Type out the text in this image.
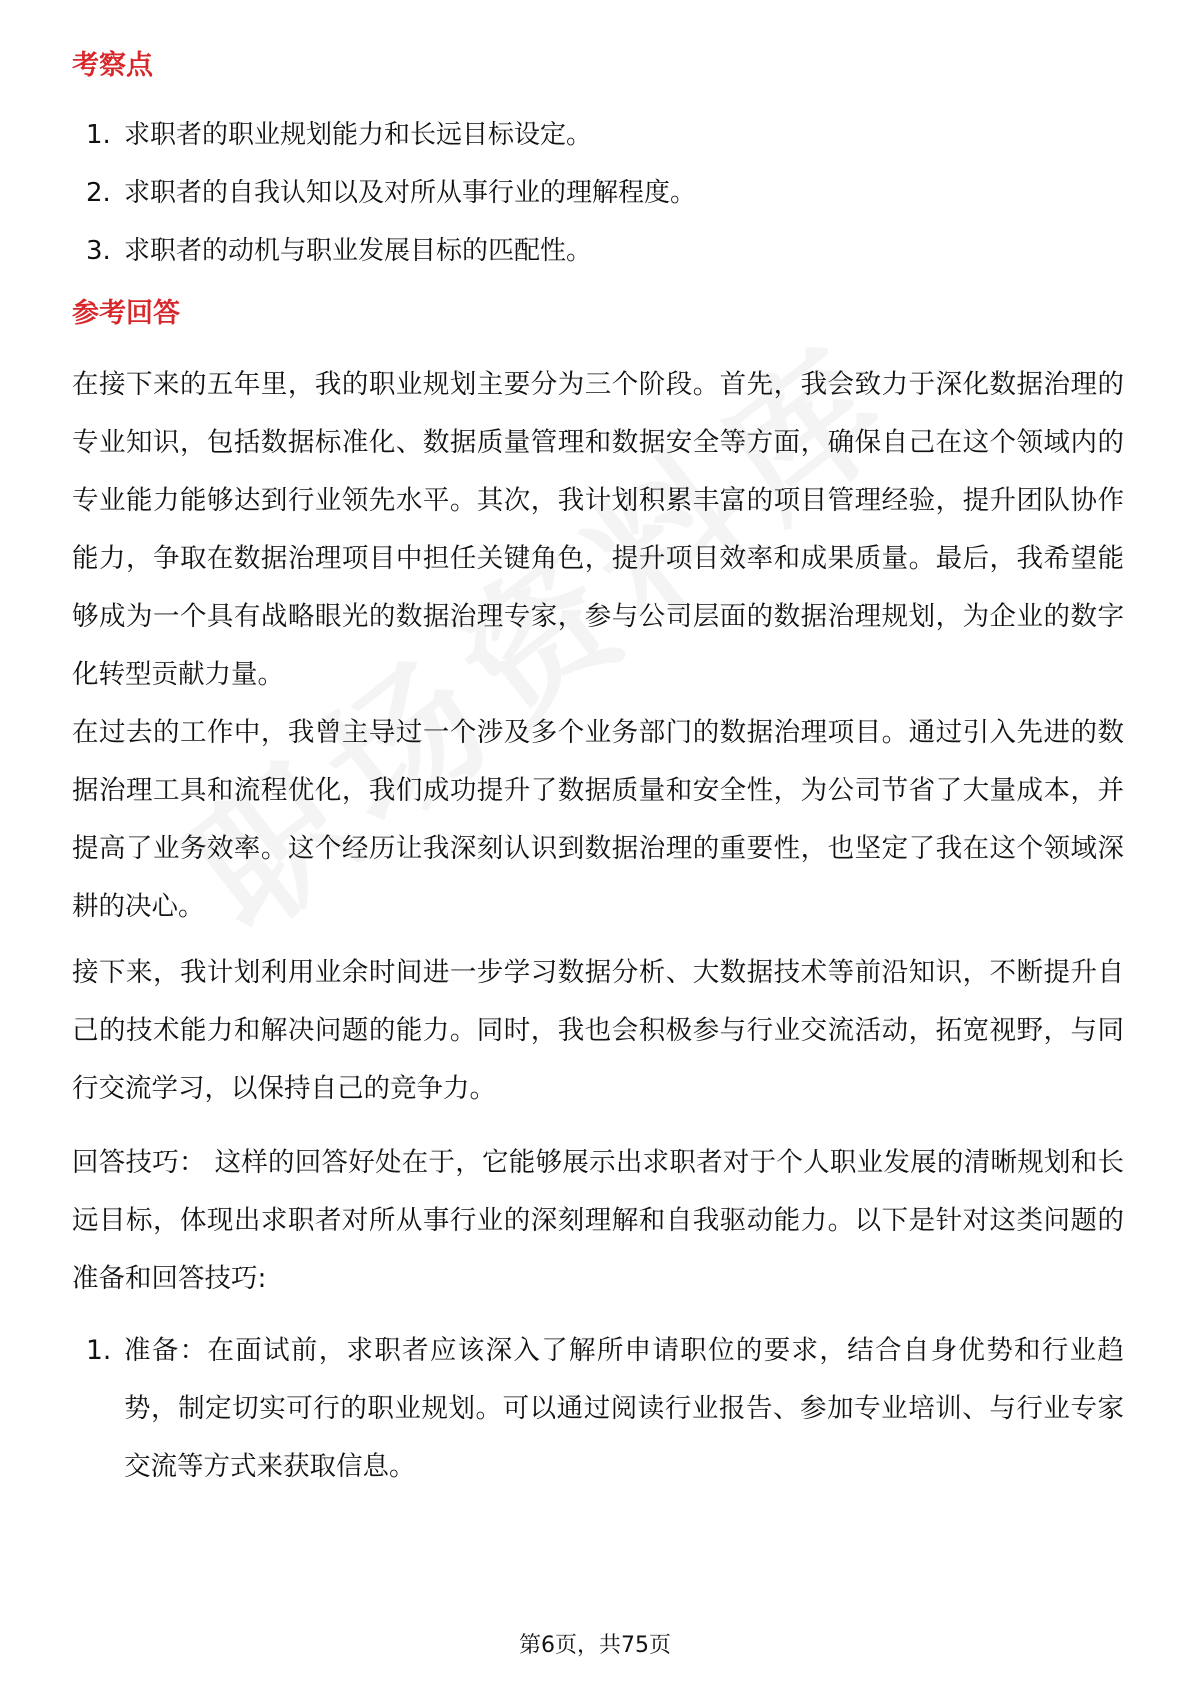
考察点
1. 求职者的职业规划能力和长远目标设定。
2. 求职者的自我认知以及对所从事行业的理解程度。
3. 求职者的动机与职业发展目标的匹配性。
参考回答

在接下来的五年里，我的职业规划主要分为三个阶段。首先，我会致力于深化数据治理的专业知识，包括数据标准化、数据质量管理和数据安全等方面，确保自己在这个领域内的专业能力能够达到行业领先水平。其次，我计划积累丰富的项目管理经验，提升团队协作能力，争取在数据治理项目中担任关键角色，提升项目效率和成果质量。最后，我希望能够成为一个具有战略眼光的数据治理专家，参与公司层面的数据治理规划，为企业的数字化转型贡献力量。

在过去的工作中，我曾主导过一个涉及多个业务部门的数据治理项目。通过引入先进的数据治理工具和流程优化，我们成功提升了数据质量和安全性，为公司节省了大量成本，并提高了业务效率。这个经历让我深刻认识到数据治理的重要性，也坚定了我在这个领域深耕的决心。

接下来，我计划利用业余时间进一步学习数据分析、大数据技术等前沿知识，不断提升自己的技术能力和解决问题的能力。同时，我也会积极参与行业交流活动，拓宽视野，与同行交流学习，以保持自己的竞争力。

回答技巧： 这样的回答好处在于，它能够展示出求职者对于个人职业发展的清晰规划和长远目标，体现出求职者对所从事行业的深刻理解和自我驱动能力。以下是针对这类问题的准备和回答技巧:

1. 准备：在面试前，求职者应该深入了解所申请职位的要求，结合自身优势和行业趋势，制定切实可行的职业规划。可以通过阅读行业报告、参加专业培训、与行业专家交流等方式来获取信息。
第6页，共75页
